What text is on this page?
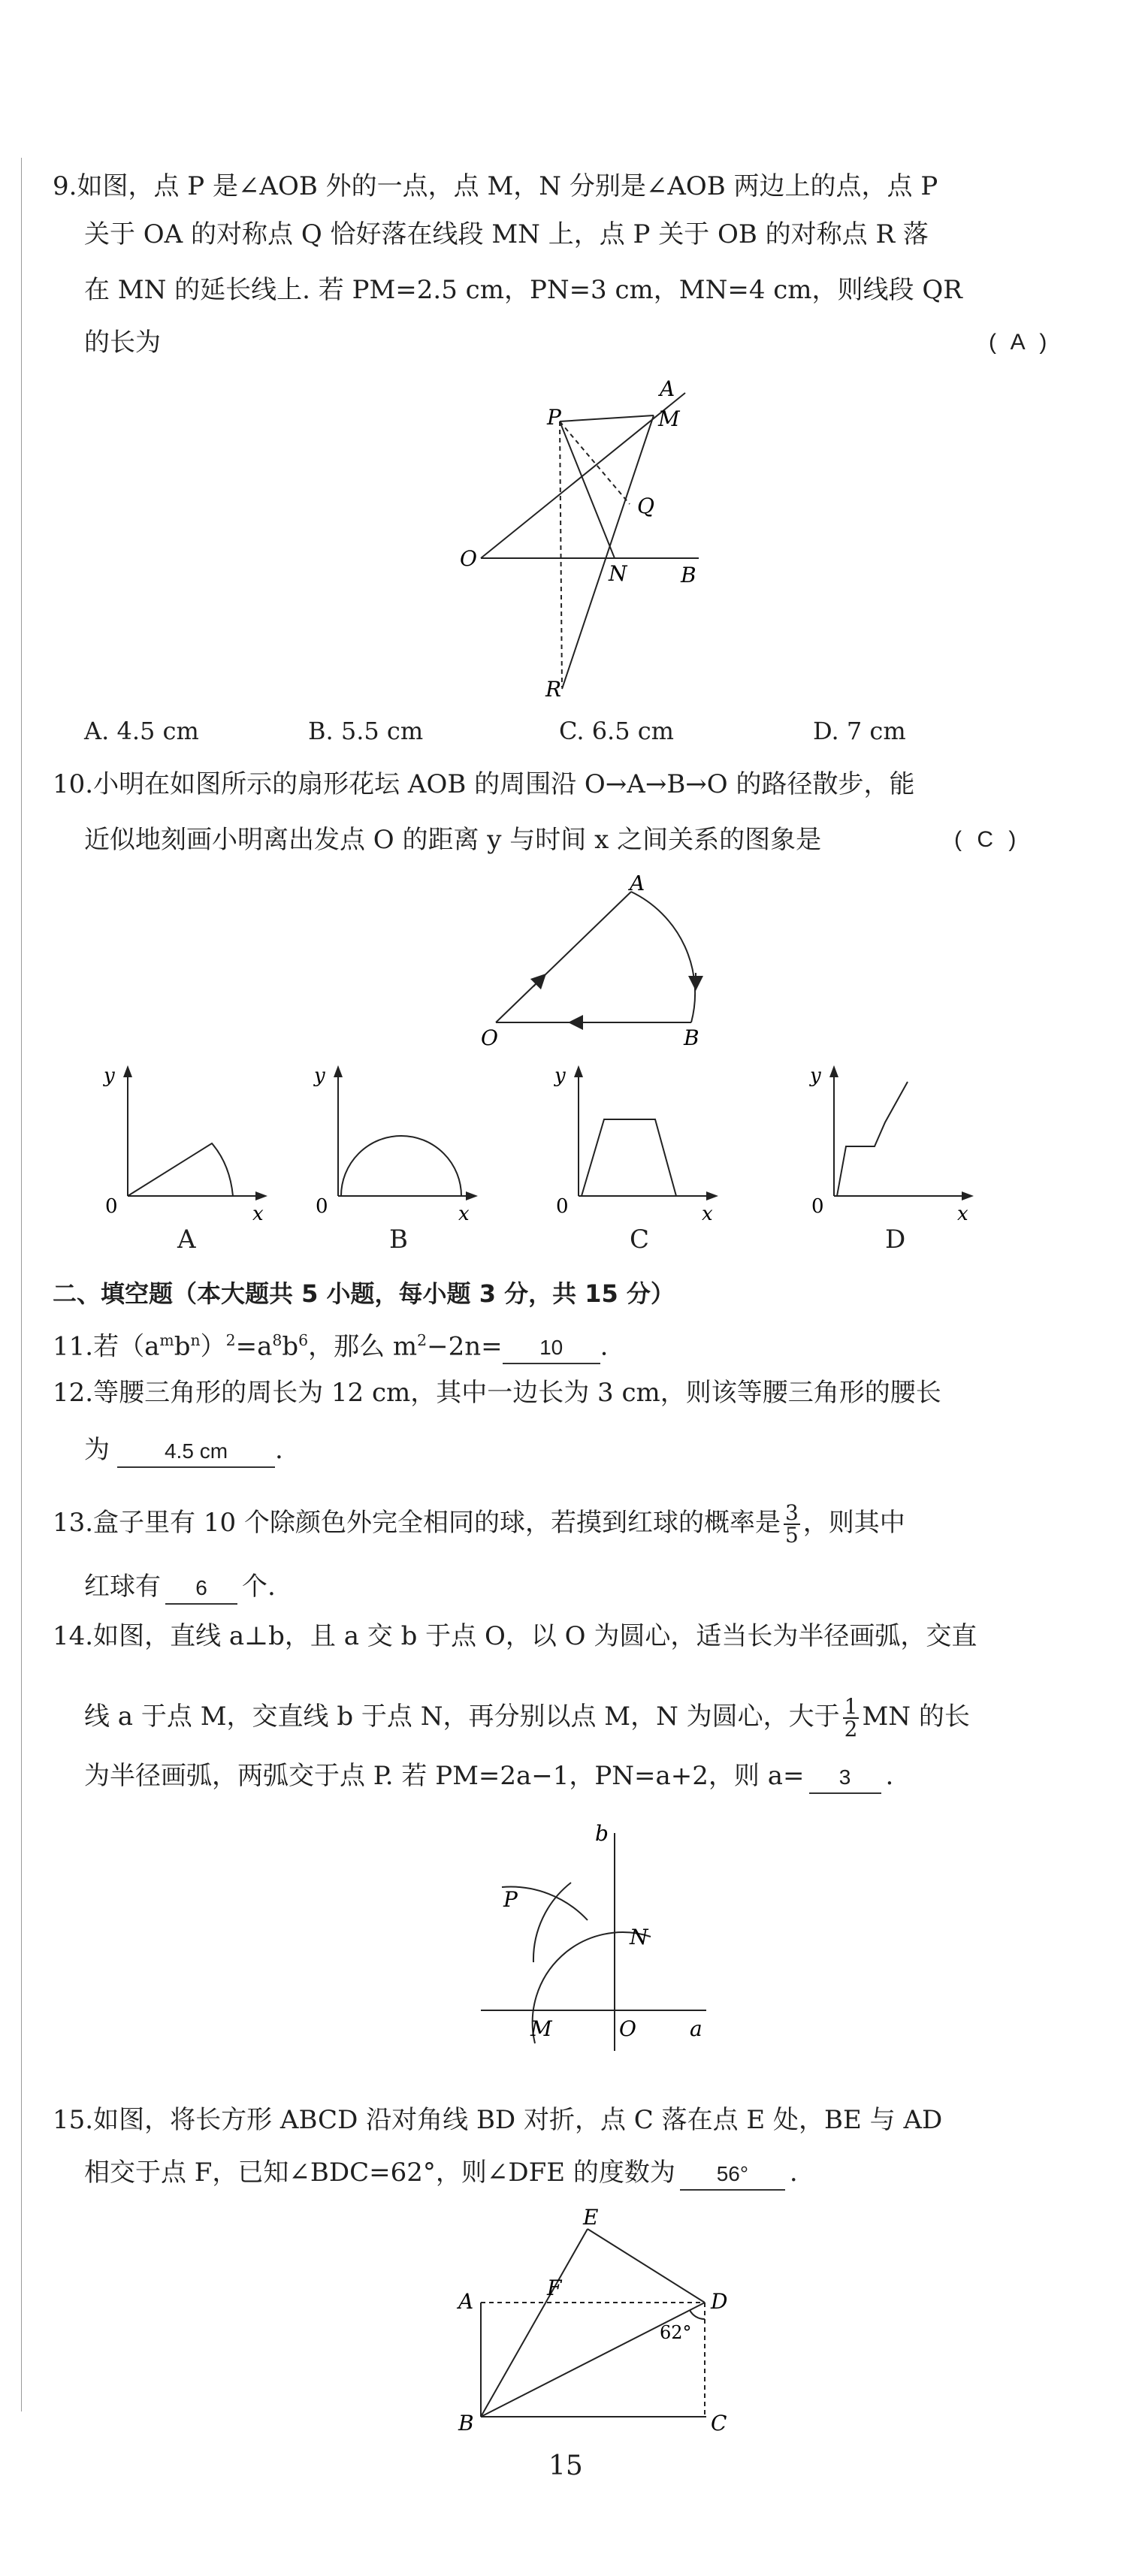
9.如图，点 P 是∠AOB 外的一点，点 M，N 分别是∠AOB 两边上的点，点 P
关于 OA 的对称点 Q 恰好落在线段 MN 上，点 P 关于 OB 的对称点 R 落
在 MN 的延长线上. 若 PM=2.5 cm，PN=3 cm，MN=4 cm，则线段 QR
的长为	( A )
A
P	M
Q
O
N	B
R
A. 4.5 cm	B. 5.5 cm	C. 6.5 cm	D. 7 cm
10.小明在如图所示的扇形花坛 AOB 的周围沿 O→A→B→O 的路径散步，能
近似地刻画小明离出发点 O 的距离 y 与时间 x 之间关系的图象是	( C )
A
O	B
y
x
0
A
y
x
0
B
y
x
0
C
y
x
0
D
二、填空题（本大题共 5 小题，每小题 3 分，共 15 分）
11.若$(a^mb^n)^2=a^8b^6$，那么 $m^2-2n= 10$ .
12.等腰三角形的周长为 12 cm，其中一边长为 3 cm，则该等腰三角形的腰长
为	4.5 cm .
13.盒子里有 10 个除颜色外完全相同的球，若摸到红球的概率是 $\frac{3}{5}$ ，则其中
红球有 6 个.
14.如图，直线 a⊥b，且 a 交 b 于点 O，以 O 为圆心，适当长为半径画弧，交直
线 a 于点 M，交直线 b 于点 N，再分别以点 M，N 为圆心，大于 $\frac{1}{2}$ MN 的长
为半径画弧，两弧交于点 P. 若 PM=2a−1，PN=a+2，则 a= 3 .
b
P
N
M	O	a
15.如图，将长方形 ABCD 沿对角线 BD 对折，点 C 落在点 E 处，BE 与 AD
相交于点 F，已知∠BDC=62°，则∠DFE 的度数为 56° .
E
A
F
D
B	C
62°
15
